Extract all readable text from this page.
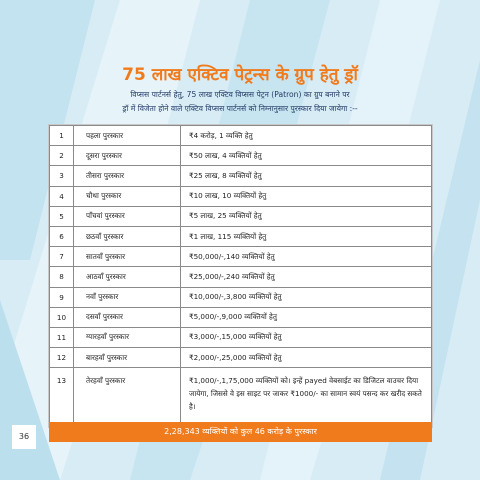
75 लाख एक्टिव पेट्रन्स के ग्रुप हेतु ड्रॉ
विप्सस पार्टनर्स हेतु, 75 लाख एक्टिव विप्सस पेट्रन (Patron) का ग्रुप बनाने पर
ड्रॉ में विजेता होने वाले एक्टिव विप्सस पार्टनर्स को निम्नानुसार पुरस्कार दिया जायेगा :--
1	पहला पुरस्कार	₹4 करोड़, 1 व्यक्ति हेतु
2	दूसरा पुरस्कार	₹50 लाख, 4 व्यक्तियों हेतु
3	तीसरा पुरस्कार	₹25 लाख, 8 व्यक्तियों हेतु
4	चौथा पुरस्कार	₹10 लाख, 10 व्यक्तियों हेतु
5	पाँचवां पुरस्कार	₹5 लाख, 25 व्यक्तियों हेतु
6	छठवाँ पुरस्कार	₹1 लाख, 115 व्यक्तियों हेतु
7	सातवाँ पुरस्कार	₹50,000/-,140 व्यक्तियों हेतु
8	आठवाँ पुरस्कार	₹25,000/-,240 व्यक्तियों हेतु
9	नवाँ पुरस्कार	₹10,000/-,3,800 व्यक्तियों हेतु
10	दसवाँ पुरस्कार	₹5,000/-,9,000 व्यक्तियों हेतु
11	ग्यारहवाँ पुरस्कार	₹3,000/-,15,000 व्यक्तियों हेतु
12	बारहवाँ पुरस्कार	₹2,000/-,25,000 व्यक्तियों हेतु
13	तेरहवाँ पुरस्कार	₹1,000/-,1,75,000 व्यक्तियों को। इन्हें payed वेबसाईट का डिजिटल वाउचर दिया जायेगा, जिससे वे इस साइट पर जाकर ₹1000/- का सामान स्वयं पसन्द कर खरीद सकते है।
2,28,343 व्यक्तियों को कुल 46 करोड़ के पुरस्कार
36
